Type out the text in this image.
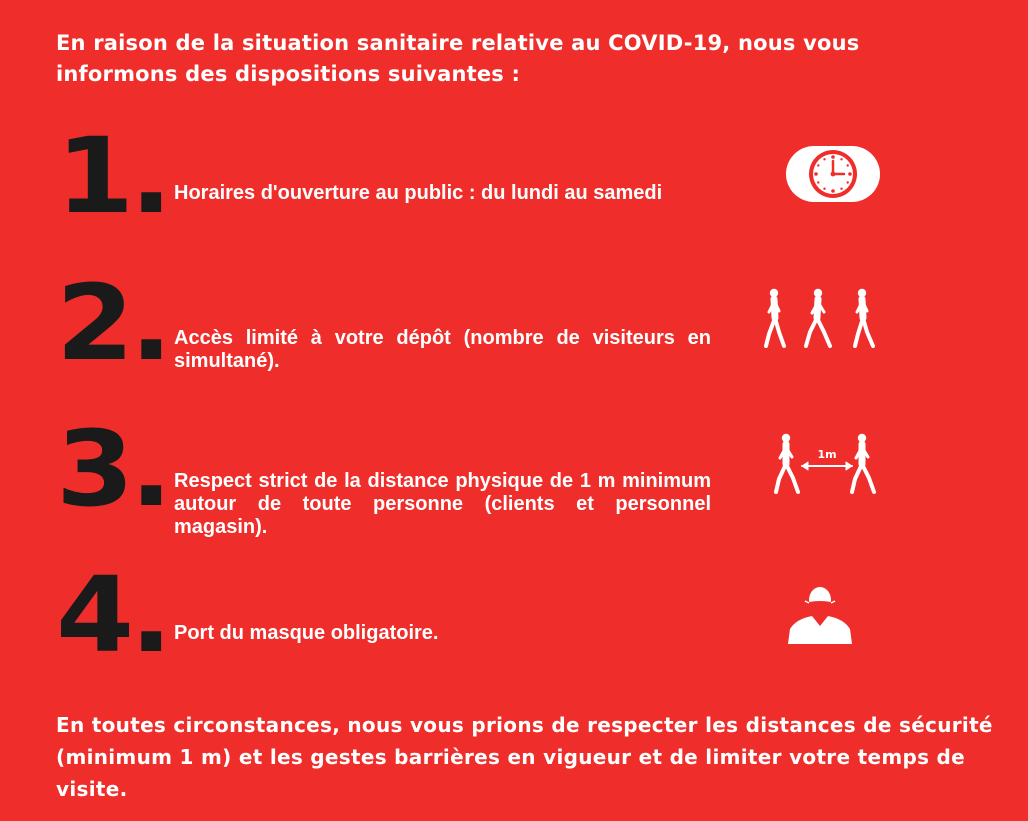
En raison de la situation sanitaire relative au COVID-19, nous vous informons des dispositions suivantes :

1. Horaires d'ouverture au public : du lundi au samedi

2. Accès limité à votre dépôt (nombre de visiteurs en simultané).

3. Respect strict de la distance physique de 1 m minimum autour de toute personne (clients et personnel magasin).

1m
4. Port du masque obligatoire.

En toutes circonstances, nous vous prions de respecter les distances de sécurité (minimum 1 m) et les gestes barrières en vigueur et de limiter votre temps de visite.
